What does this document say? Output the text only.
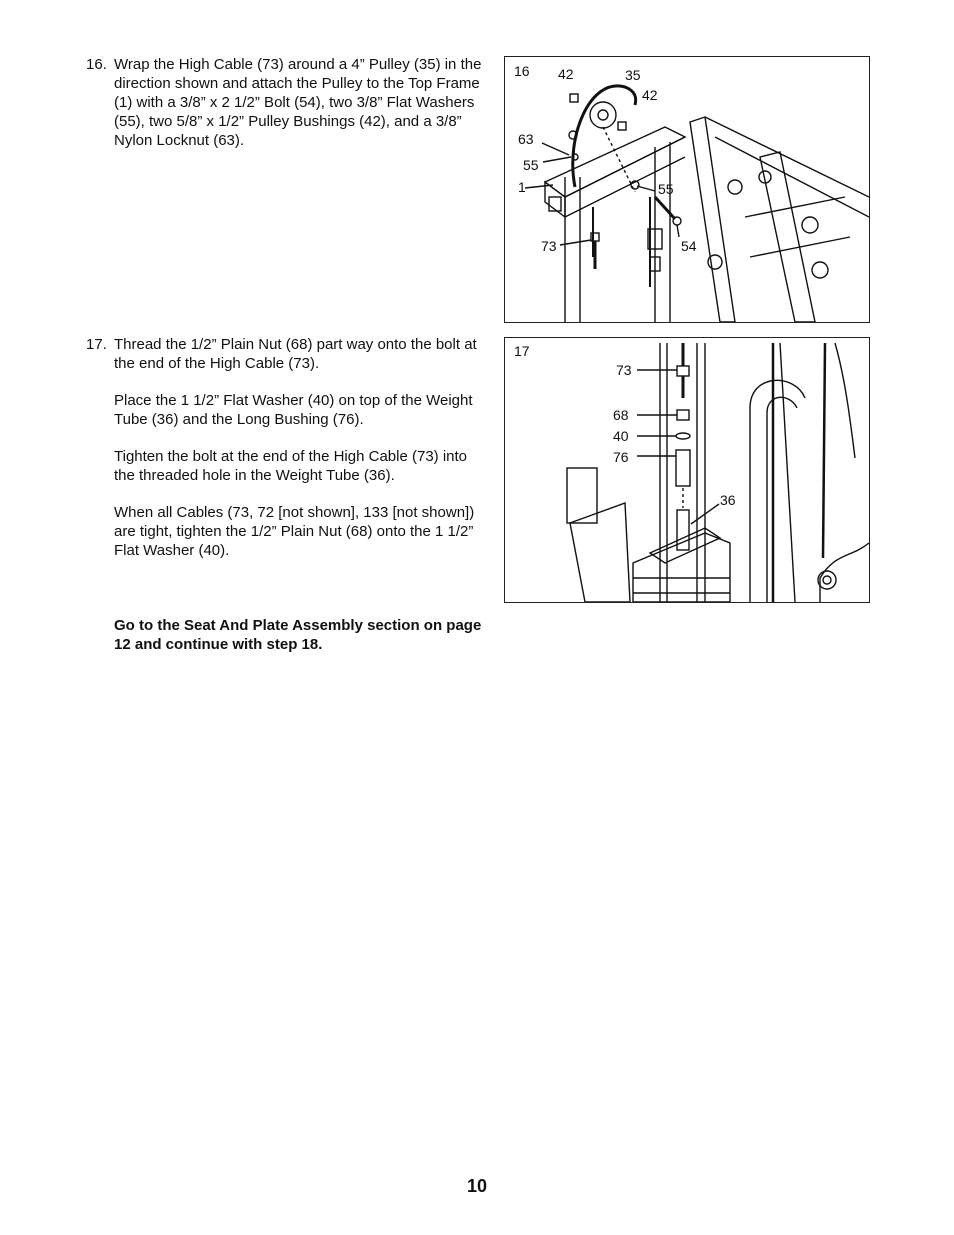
16. Wrap the High Cable (73) around a 4” Pulley (35) in the direction shown and attach the Pulley to the Top Frame (1) with a 3/8” x 2 1/2” Bolt (54), two 3/8” Flat Washers (55), two 5/8” x 1/2” Pulley Bushings (42), and a 3/8” Nylon Locknut (63).

17. Thread the 1/2” Plain Nut (68) part way onto the bolt at the end of the High Cable (73).

Place the 1 1/2” Flat Washer (40) on top of the Weight Tube (36) and the Long Bushing (76).

Tighten the bolt at the end of the High Cable (73) into the threaded hole in the Weight Tube (36).

When all Cables (73, 72 [not shown], 133 [not shown]) are tight, tighten the 1/2” Plain Nut (68) onto the 1 1/2” Flat Washer (40).

Go to the Seat And Plate Assembly section on page 12 and continue with step 18.

16 42	35
42
63
55
1	55
73	54
17
73
68
40
76
36
10
